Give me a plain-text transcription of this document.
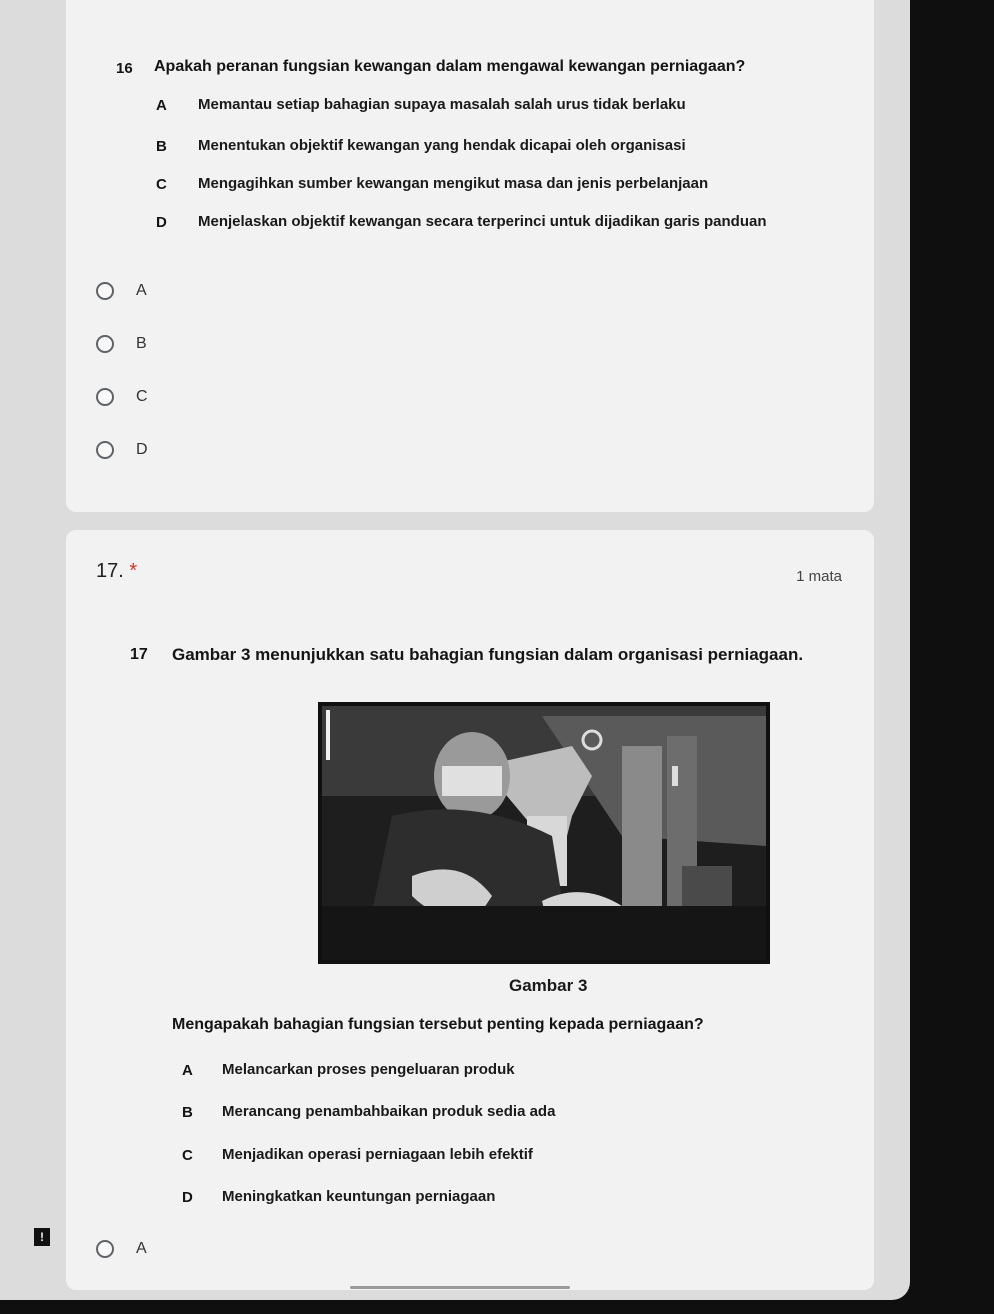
16 Apakah peranan fungsian kewangan dalam mengawal kewangan perniagaan?
A Memantau setiap bahagian supaya masalah salah urus tidak berlaku
B Menentukan objektif kewangan yang hendak dicapai oleh organisasi
C Mengagihkan sumber kewangan mengikut masa dan jenis perbelanjaan
D Menjelaskan objektif kewangan secara terperinci untuk dijadikan garis panduan
A
B
C
D
17. *	1 mata
17 Gambar 3 menunjukkan satu bahagian fungsian dalam organisasi perniagaan.
Gambar 3
Mengapakah bahagian fungsian tersebut penting kepada perniagaan?
A Melancarkan proses pengeluaran produk
B Merancang penambahbaikan produk sedia ada
C Menjadikan operasi perniagaan lebih efektif
D Meningkatkan keuntungan perniagaan
A
!
